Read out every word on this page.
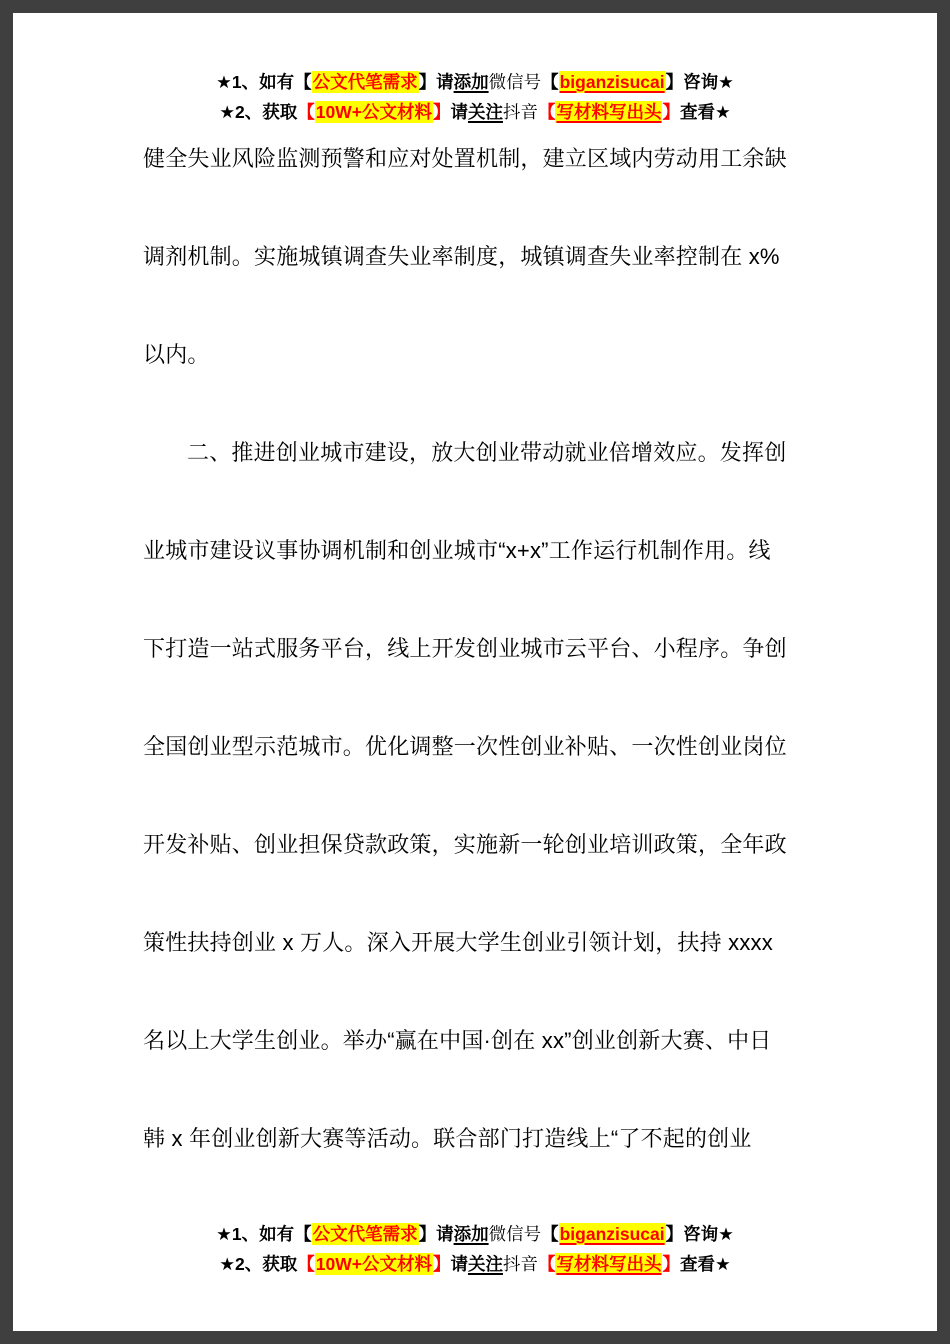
★1、如有【公文代笔需求】请添加微信号【biganzisucai】咨询★
★2、获取【10W+公文材料】请关注抖音【写材料写出头】查看★
健全失业风险监测预警和应对处置机制，建立区域内劳动用工余缺
调剂机制。实施城镇调查失业率制度，城镇调查失业率控制在 x%
以内。
二、推进创业城市建设，放大创业带动就业倍增效应。发挥创
业城市建设议事协调机制和创业城市“x+x”工作运行机制作用。线
下打造一站式服务平台，线上开发创业城市云平台、小程序。争创
全国创业型示范城市。优化调整一次性创业补贴、一次性创业岗位
开发补贴、创业担保贷款政策，实施新一轮创业培训政策，全年政
策性扶持创业 x 万人。深入开展大学生创业引领计划，扶持 xxxx
名以上大学生创业。举办“赢在中国·创在 xx”创业创新大赛、中日
韩 x 年创业创新大赛等活动。联合部门打造线上“了不起的创业
★1、如有【公文代笔需求】请添加微信号【biganzisucai】咨询★
★2、获取【10W+公文材料】请关注抖音【写材料写出头】查看★
